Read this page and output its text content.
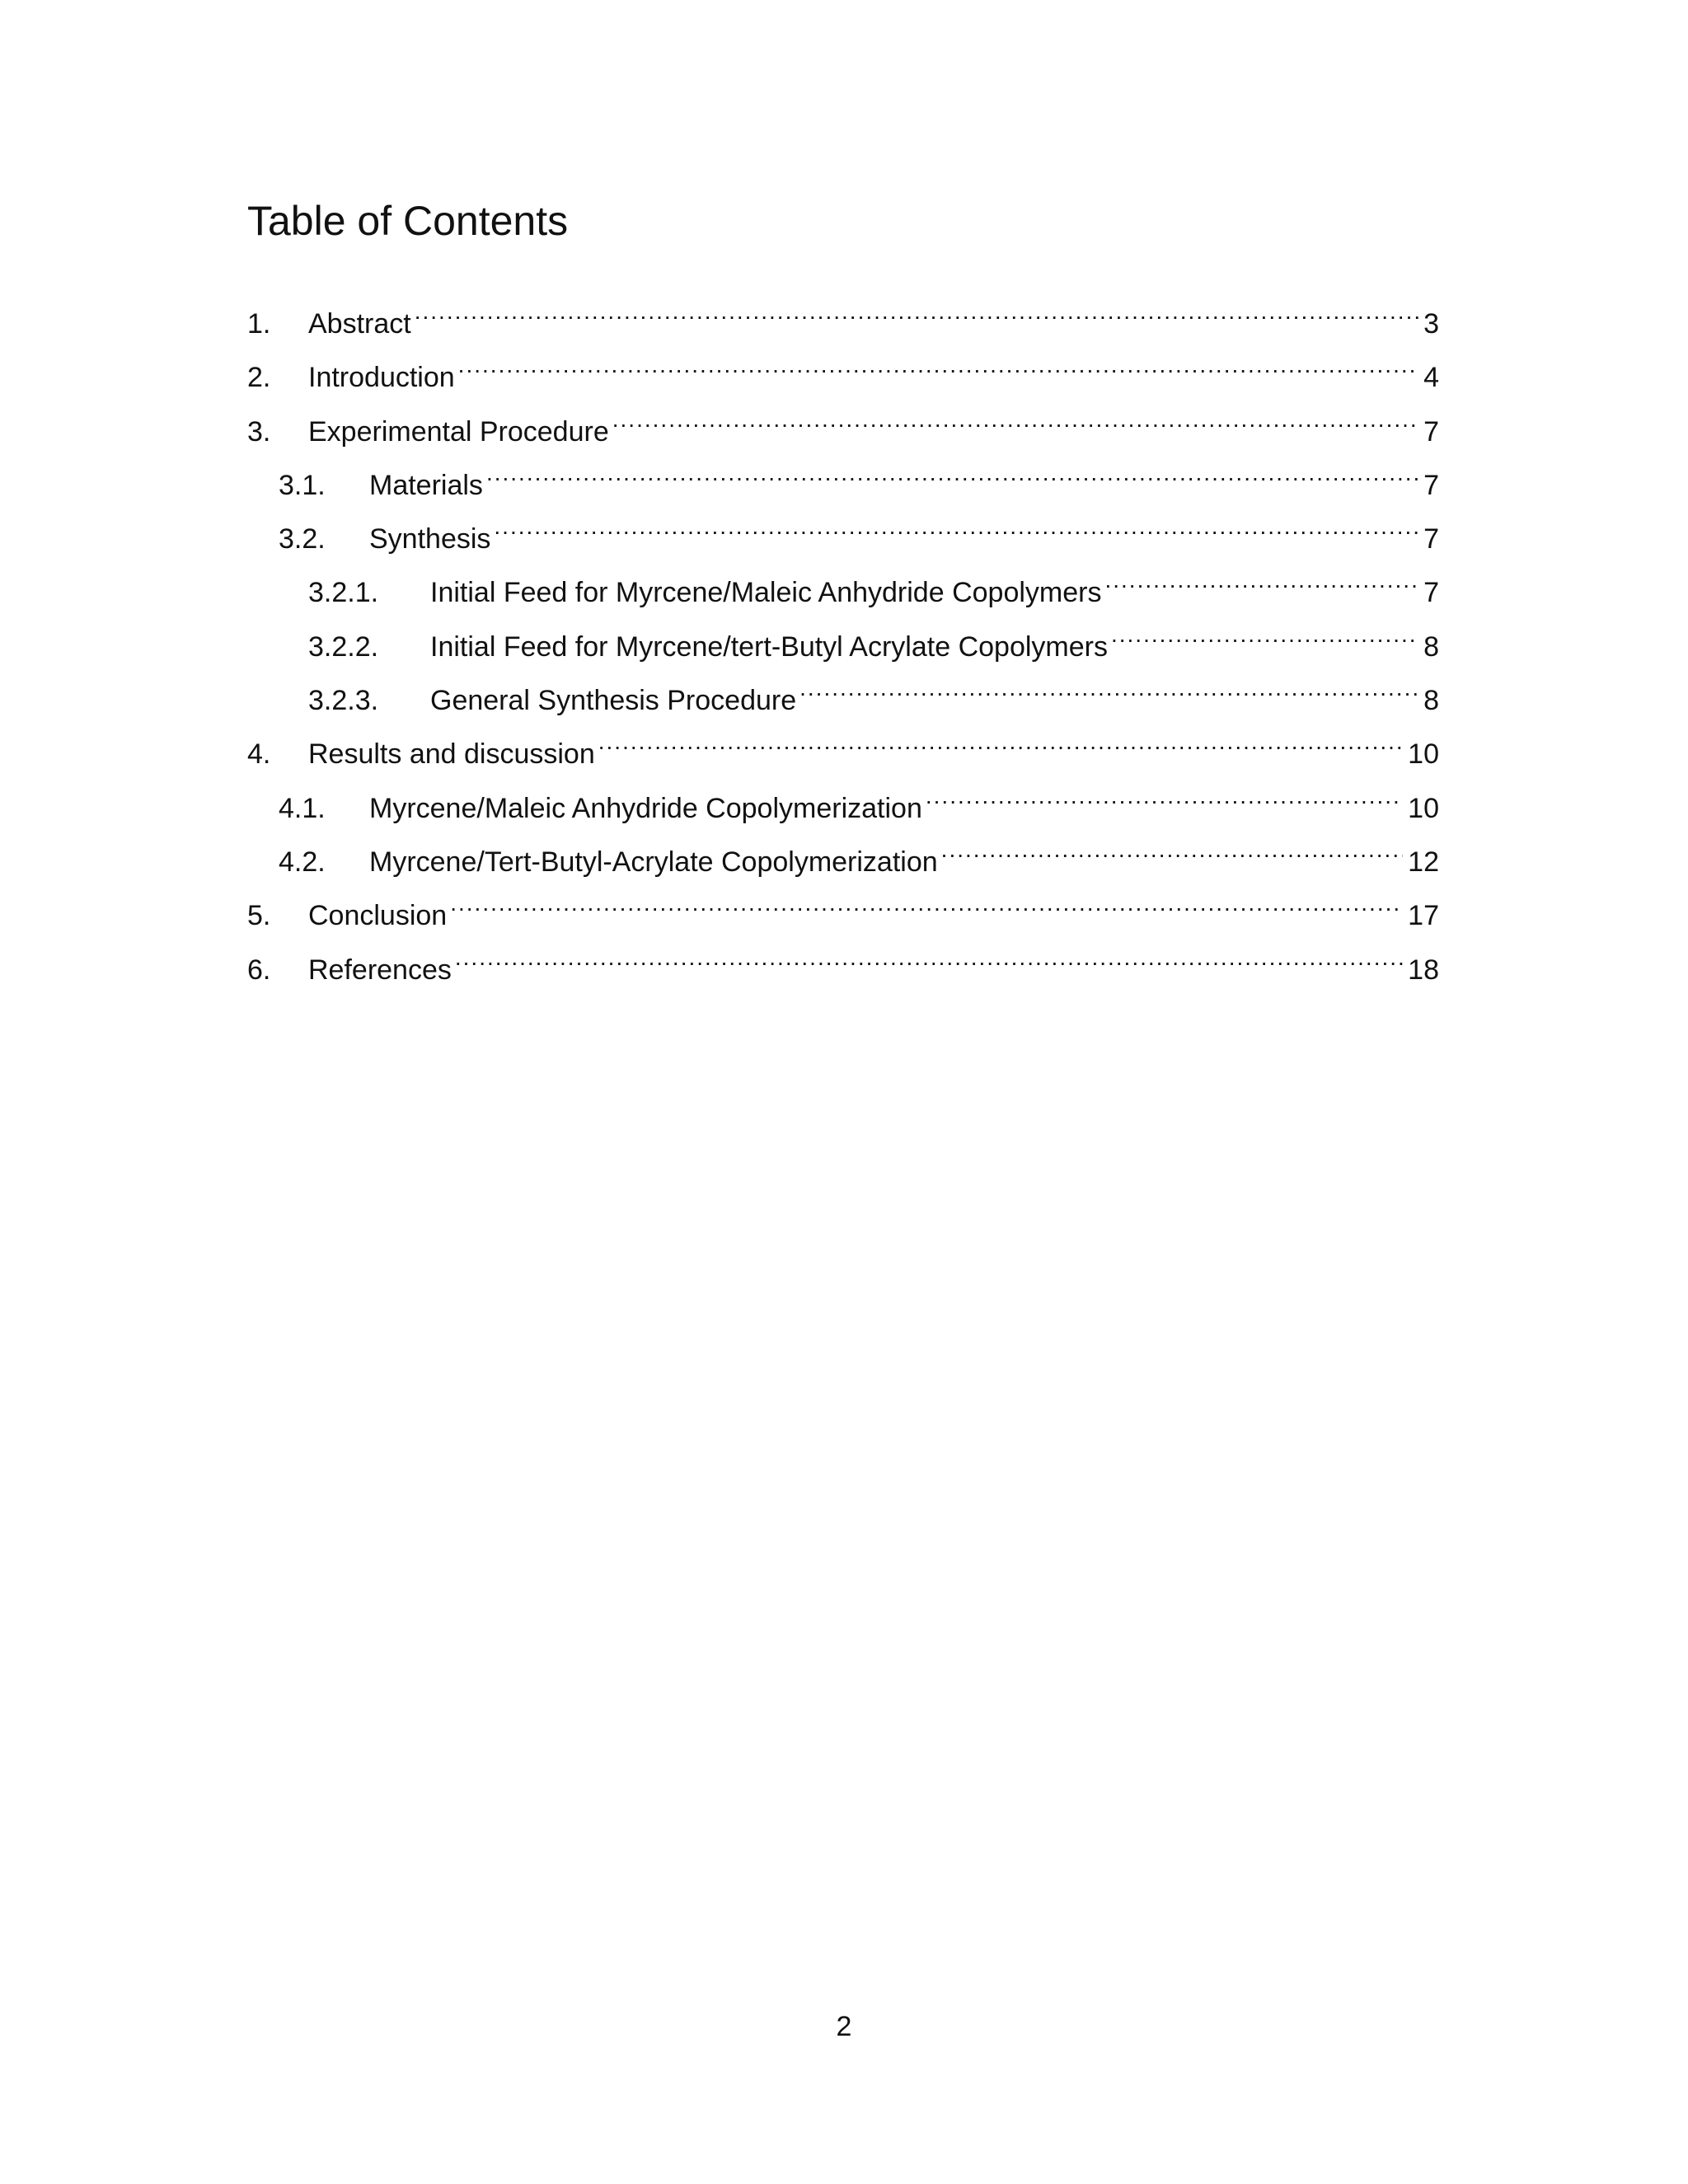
Table of Contents
1.	Abstract .....	3
2.	Introduction .....	4
3.	Experimental Procedure .....	7
3.1.	Materials .....	7
3.2.	Synthesis .....	7
3.2.1.	Initial Feed for Myrcene/Maleic Anhydride Copolymers .....	7
3.2.2.	Initial Feed for Myrcene/tert-Butyl Acrylate Copolymers .....	8
3.2.3.	General Synthesis Procedure .....	8
4.	Results and discussion .....	10
4.1.	Myrcene/Maleic Anhydride Copolymerization .....	10
4.2.	Myrcene/Tert-Butyl-Acrylate Copolymerization .....	12
5.	Conclusion .....	17
6.	References .....	18
2
